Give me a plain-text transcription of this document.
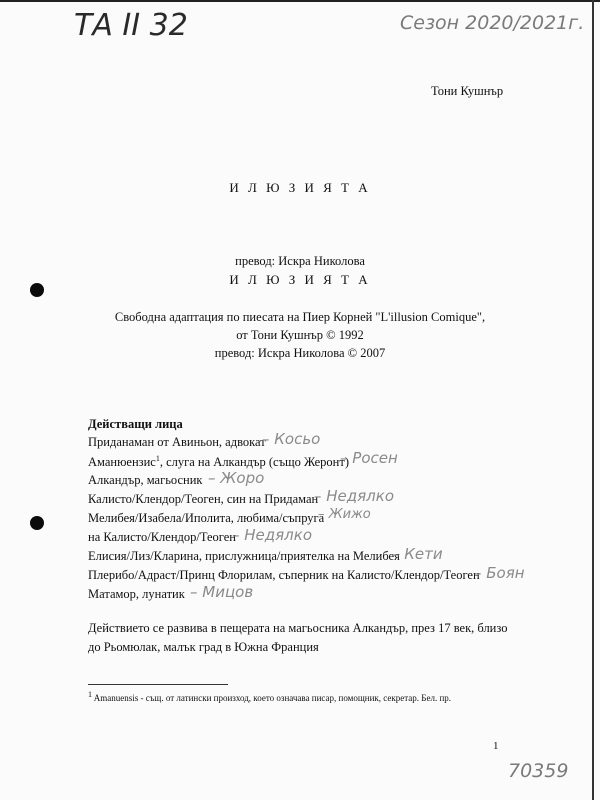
ТА II 32	Сезон 2020/2021г.
Тони Кушнър
И Л Ю З И Я Т А
превод: Искра Николова
И Л Ю З И Я Т А
Свободна адаптация по пиесата на Пиер Корней "L'illusion Comique",
от Тони Кушнър © 1992
превод: Искра Николова © 2007
Действащи лица
Приданаман от Авиньон, адвокат
– Косьо
Аманюензис$^1$, слуга на Алкандър (също Жеронт)
– Росен
Алкандър, магьосник – Жоро
Калисто/Клендор/Теоген, син на Придаман
– Недялко
Мелибея/Изабела/Иполита, любима/съпруга
– Жижо
на Калисто/Клендор/Теоген
– Недялко
Елисия/Лиз/Кларина, прислужница/приятелка на Мелибея
– Кети
Плерибо/Адраст/Принц Флорилам, съперник на Калисто/Клендор/Теоген
– Боян
Матамор, лунатик – Мицов
Действието се развива в пещерата на магьосника Алкандър, през 17 век, близо
до Рьомюлак, малък град в Южна Франция
$^1$ Amanuensis - същ. от латински произход, което означава писар, помощник, секретар. Бел. пр.
1
70359
